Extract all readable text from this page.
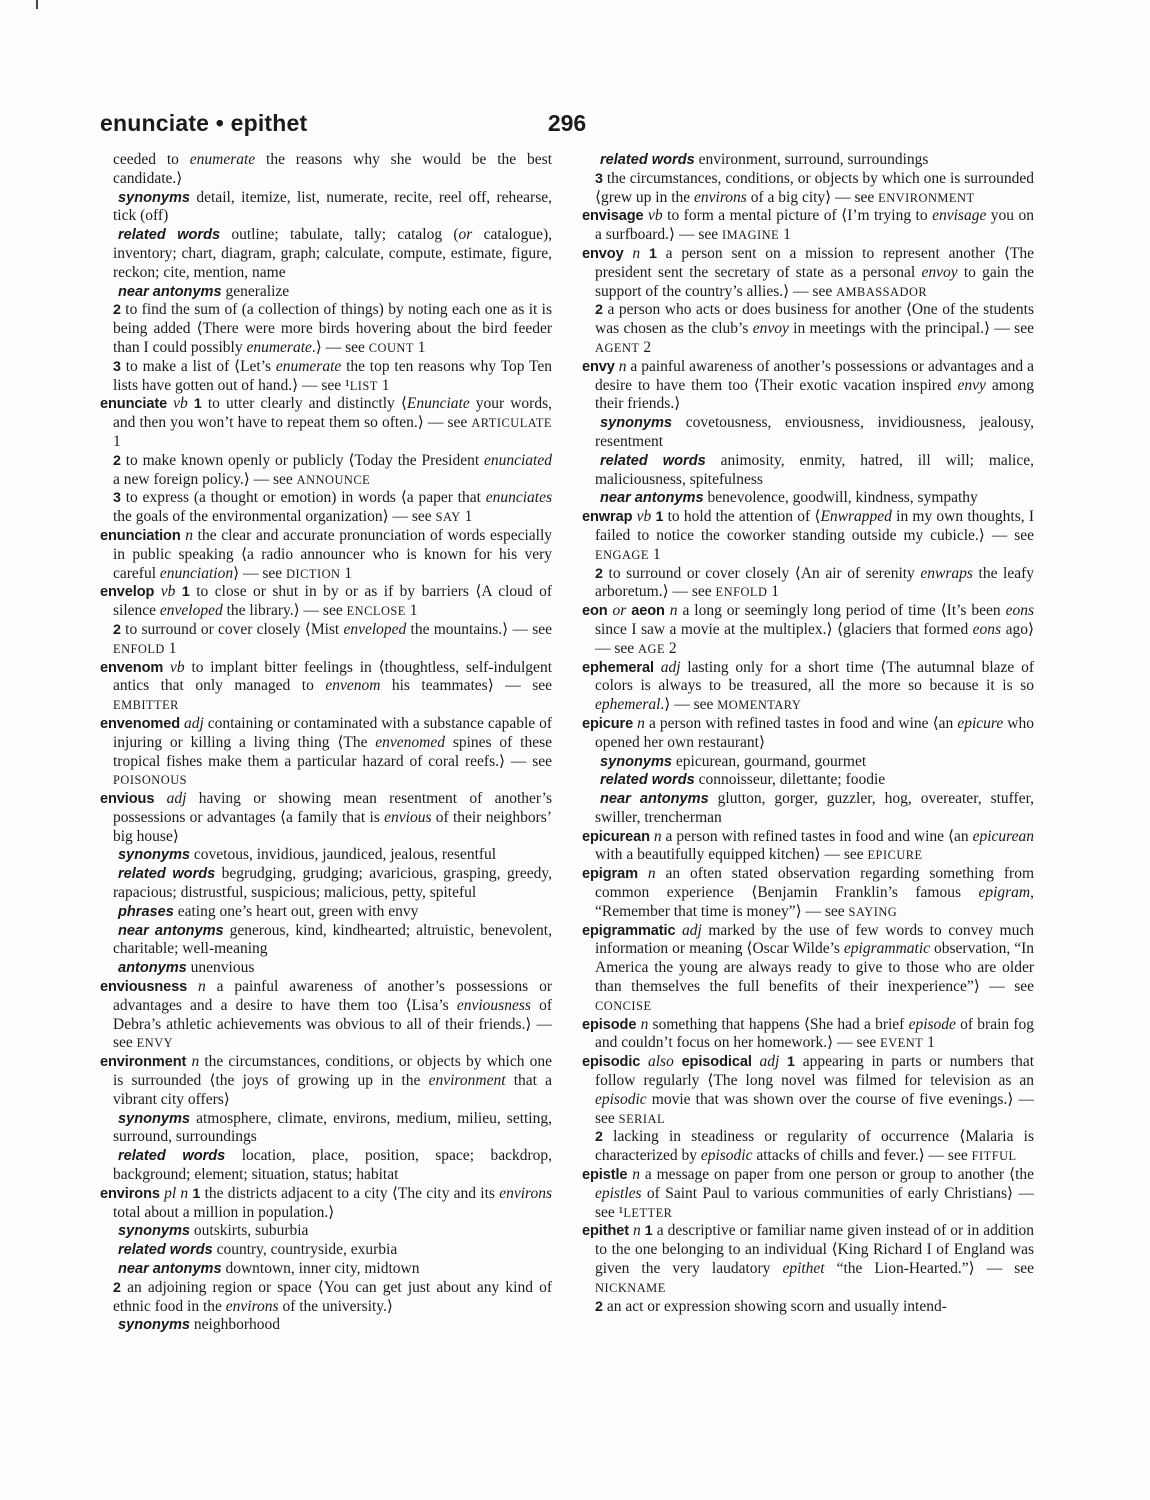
enunciate • epithet	296

ceeded to enumerate the reasons why she would be the best candidate.⟩

synonyms detail, itemize, list, numerate, recite, reel off, rehearse, tick (off)

related words outline; tabulate, tally; catalog (or catalogue), inventory; chart, diagram, graph; calculate, compute, estimate, figure, reckon; cite, mention, name

near antonyms generalize

2 to find the sum of (a collection of things) by noting each one as it is being added ⟨There were more birds hovering about the bird feeder than I could possibly enumerate.⟩ — see COUNT 1

3 to make a list of ⟨Let’s enumerate the top ten reasons why Top Ten lists have gotten out of hand.⟩ — see ¹LIST 1

enunciate vb 1 to utter clearly and distinctly ⟨Enunciate your words, and then you won’t have to repeat them so often.⟩ — see ARTICULATE 1

2 to make known openly or publicly ⟨Today the President enunciated a new foreign policy.⟩ — see ANNOUNCE

3 to express (a thought or emotion) in words ⟨a paper that enunciates the goals of the environmental organization⟩ — see SAY 1

enunciation n the clear and accurate pronunciation of words especially in public speaking ⟨a radio announcer who is known for his very careful enunciation⟩ — see DICTION 1

envelop vb 1 to close or shut in by or as if by barriers ⟨A cloud of silence enveloped the library.⟩ — see ENCLOSE 1

2 to surround or cover closely ⟨Mist enveloped the mountains.⟩ — see ENFOLD 1

envenom vb to implant bitter feelings in ⟨thoughtless, self-indulgent antics that only managed to envenom his teammates⟩ — see EMBITTER

envenomed adj containing or contaminated with a substance capable of injuring or killing a living thing ⟨The envenomed spines of these tropical fishes make them a particular hazard of coral reefs.⟩ — see POISONOUS

envious adj having or showing mean resentment of another’s possessions or advantages ⟨a family that is envious of their neighbors’ big house⟩

synonyms covetous, invidious, jaundiced, jealous, resentful

related words begrudging, grudging; avaricious, grasping, greedy, rapacious; distrustful, suspicious; malicious, petty, spiteful

phrases eating one’s heart out, green with envy

near antonyms generous, kind, kindhearted; altruistic, benevolent, charitable; well-meaning

antonyms unenvious

enviousness n a painful awareness of another’s possessions or advantages and a desire to have them too ⟨Lisa’s enviousness of Debra’s athletic achievements was obvious to all of their friends.⟩ — see ENVY

environment n the circumstances, conditions, or objects by which one is surrounded ⟨the joys of growing up in the environment that a vibrant city offers⟩

synonyms atmosphere, climate, environs, medium, milieu, setting, surround, surroundings

related words location, place, position, space; backdrop, background; element; situation, status; habitat

environs pl n 1 the districts adjacent to a city ⟨The city and its environs total about a million in population.⟩

synonyms outskirts, suburbia

related words country, countryside, exurbia

near antonyms downtown, inner city, midtown

2 an adjoining region or space ⟨You can get just about any kind of ethnic food in the environs of the university.⟩

synonyms neighborhood

related words environment, surround, surroundings

3 the circumstances, conditions, or objects by which one is surrounded ⟨grew up in the environs of a big city⟩ — see ENVIRONMENT

envisage vb to form a mental picture of ⟨I’m trying to envisage you on a surfboard.⟩ — see IMAGINE 1

envoy n 1 a person sent on a mission to represent another ⟨The president sent the secretary of state as a personal envoy to gain the support of the country’s allies.⟩ — see AMBASSADOR

2 a person who acts or does business for another ⟨One of the students was chosen as the club’s envoy in meetings with the principal.⟩ — see AGENT 2

envy n a painful awareness of another’s possessions or advantages and a desire to have them too ⟨Their exotic vacation inspired envy among their friends.⟩

synonyms covetousness, enviousness, invidiousness, jealousy, resentment

related words animosity, enmity, hatred, ill will; malice, maliciousness, spitefulness

near antonyms benevolence, goodwill, kindness, sympathy

enwrap vb 1 to hold the attention of ⟨Enwrapped in my own thoughts, I failed to notice the coworker standing outside my cubicle.⟩ — see ENGAGE 1

2 to surround or cover closely ⟨An air of serenity enwraps the leafy arboretum.⟩ — see ENFOLD 1

eon or aeon n a long or seemingly long period of time ⟨It’s been eons since I saw a movie at the multiplex.⟩ ⟨glaciers that formed eons ago⟩ — see AGE 2

ephemeral adj lasting only for a short time ⟨The autumnal blaze of colors is always to be treasured, all the more so because it is so ephemeral.⟩ — see MOMENTARY

epicure n a person with refined tastes in food and wine ⟨an epicure who opened her own restaurant⟩

synonyms epicurean, gourmand, gourmet

related words connoisseur, dilettante; foodie

near antonyms glutton, gorger, guzzler, hog, overeater, stuffer, swiller, trencherman

epicurean n a person with refined tastes in food and wine ⟨an epicurean with a beautifully equipped kitchen⟩ — see EPICURE

epigram n an often stated observation regarding something from common experience ⟨Benjamin Franklin’s famous epigram, “Remember that time is money”⟩ — see SAYING

epigrammatic adj marked by the use of few words to convey much information or meaning ⟨Oscar Wilde’s epigrammatic observation, “In America the young are always ready to give to those who are older than themselves the full benefits of their inexperience”⟩ — see CONCISE

episode n something that happens ⟨She had a brief episode of brain fog and couldn’t focus on her homework.⟩ — see EVENT 1

episodic also episodical adj 1 appearing in parts or numbers that follow regularly ⟨The long novel was filmed for television as an episodic movie that was shown over the course of five evenings.⟩ — see SERIAL

2 lacking in steadiness or regularity of occurrence ⟨Malaria is characterized by episodic attacks of chills and fever.⟩ — see FITFUL

epistle n a message on paper from one person or group to another ⟨the epistles of Saint Paul to various communities of early Christians⟩ — see ¹LETTER

epithet n 1 a descriptive or familiar name given instead of or in addition to the one belonging to an individual ⟨King Richard I of England was given the very laudatory epithet “the Lion-Hearted.”⟩ — see NICKNAME

2 an act or expression showing scorn and usually intend-
